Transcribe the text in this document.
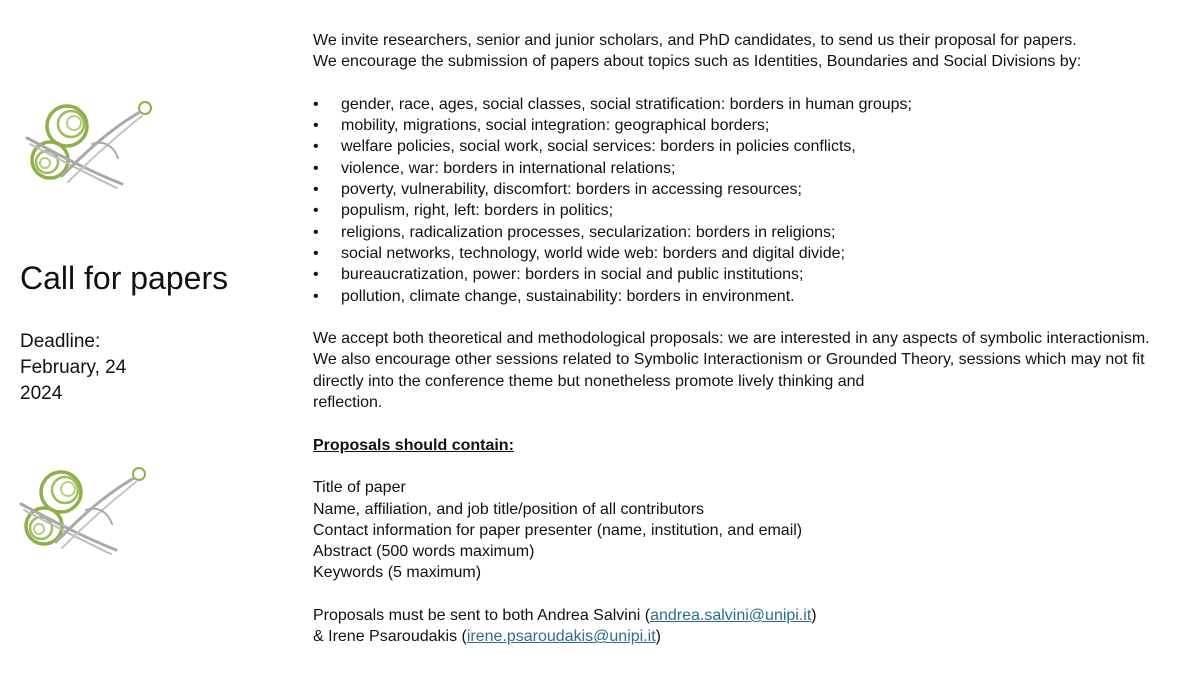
Call for papers
Deadline:
February, 24
2024

We invite researchers, senior and junior scholars, and PhD candidates, to send us their proposal for papers.

We encourage the submission of papers about topics such as Identities, Boundaries and Social Divisions by:

• gender, race, ages, social classes, social stratification: borders in human groups;
• mobility, migrations, social integration: geographical borders;
• welfare policies, social work, social services: borders in policies conflicts,
• violence, war: borders in international relations;
• poverty, vulnerability, discomfort: borders in accessing resources;
• populism, right, left: borders in politics;
• religions, radicalization processes, secularization: borders in religions;
• social networks, technology, world wide web: borders and digital divide;
• bureaucratization, power: borders in social and public institutions;
• pollution, climate change, sustainability: borders in environment.

We accept both theoretical and methodological proposals: we are interested in any aspects of symbolic interactionism.

We also encourage other sessions related to Symbolic Interactionism or Grounded Theory, sessions which may not fit directly into the conference theme but nonetheless promote lively thinking and

reflection.

Proposals should contain:

Title of paper

Name, affiliation, and job title/position of all contributors

Contact information for paper presenter (name, institution, and email)

Abstract (500 words maximum)

Keywords (5 maximum)

Proposals must be sent to both Andrea Salvini (andrea.salvini@unipi.it)

& Irene Psaroudakis (irene.psaroudakis@unipi.it)
